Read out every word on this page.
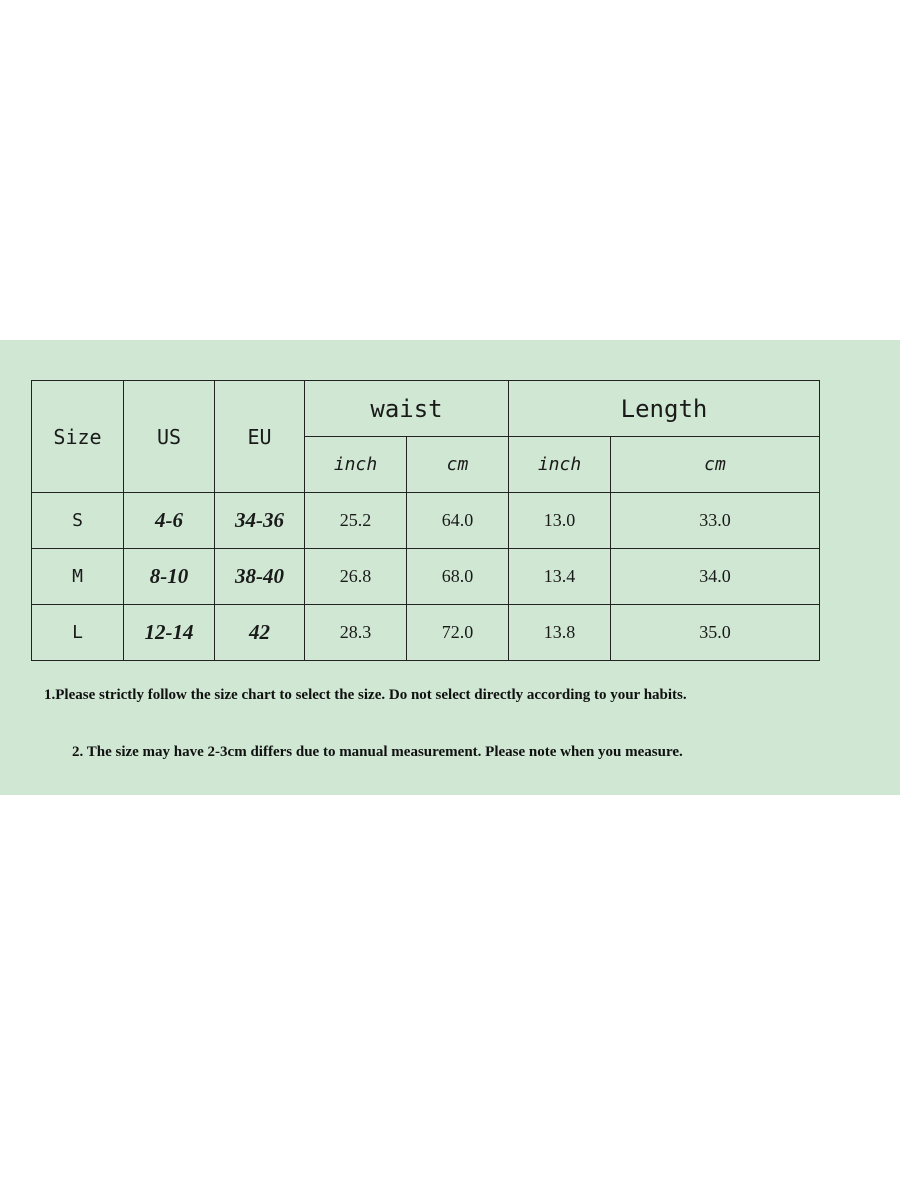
Size	US	EU	waist		Length	
			inch	cm	inch	cm
S	4-6	34-36	25.2	64.0	13.0	33.0
M	8-10	38-40	26.8	68.0	13.4	34.0
L	12-14	42	28.3	72.0	13.8	35.0
1.Please strictly follow the size chart to select the size. Do not select directly according to your habits.
2. The size may have 2-3cm differs due to manual measurement. Please note when you measure.
